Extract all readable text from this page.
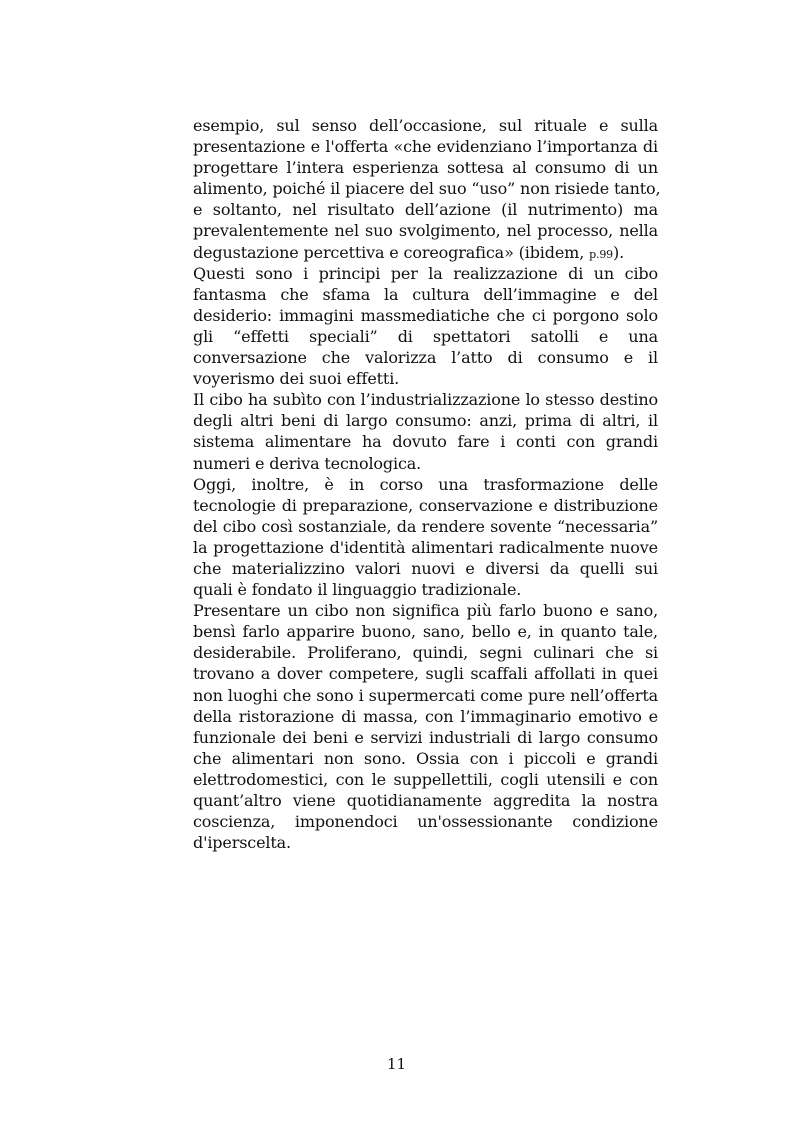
esempio, sul senso dell’occasione, sul rituale e sulla
presentazione e l'offerta «che evidenziano l’importanza di
progettare l’intera esperienza sottesa al consumo di un
alimento, poiché il piacere del suo “uso” non risiede tanto,
e soltanto, nel risultato dell’azione (il nutrimento) ma
prevalentemente nel suo svolgimento, nel processo, nella
degustazione percettiva e coreografica» (ibidem, p.99).

Questi sono i principi per la realizzazione di un cibo
fantasma che sfama la cultura dell’immagine e del
desiderio: immagini massmediatiche che ci porgono solo
gli “effetti speciali” di spettatori satolli e una
conversazione che valorizza l’atto di consumo e il
voyerismo dei suoi effetti.

Il cibo ha subìto con l’industrializzazione lo stesso destino
degli altri beni di largo consumo: anzi, prima di altri, il
sistema alimentare ha dovuto fare i conti con grandi
numeri e deriva tecnologica.

Oggi, inoltre, è in corso una trasformazione delle
tecnologie di preparazione, conservazione e distribuzione
del cibo così sostanziale, da rendere sovente “necessaria”
la progettazione d'identità alimentari radicalmente nuove
che materializzino valori nuovi e diversi da quelli sui
quali è fondato il linguaggio tradizionale.

Presentare un cibo non significa più farlo buono e sano,
bensì farlo apparire buono, sano, bello e, in quanto tale,
desiderabile. Proliferano, quindi, segni culinari che si
trovano a dover competere, sugli scaffali affollati in quei
non luoghi che sono i supermercati come pure nell’offerta
della ristorazione di massa, con l’immaginario emotivo e
funzionale dei beni e servizi industriali di largo consumo
che alimentari non sono. Ossia con i piccoli e grandi
elettrodomestici, con le suppellettili, cogli utensili e con
quant’altro viene quotidianamente aggredita la nostra
coscienza, imponendoci un'ossessionante condizione
d'iperscelta.

11
